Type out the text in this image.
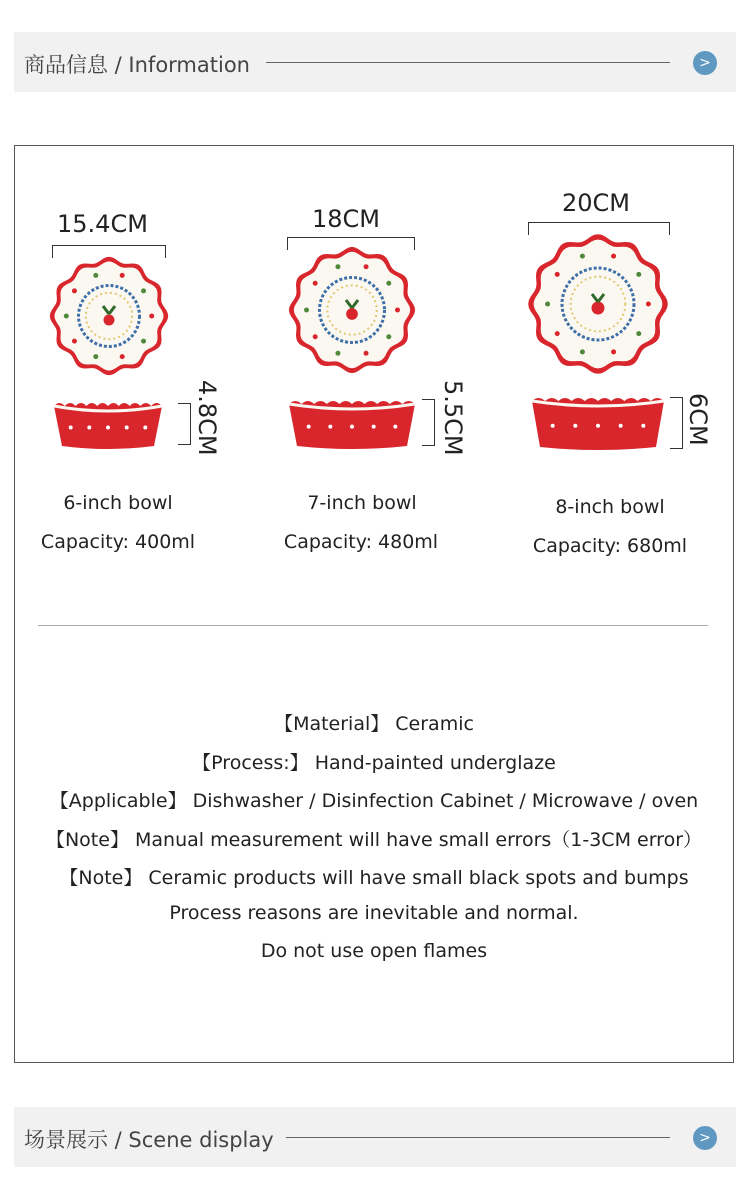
商品信息 / Information	>
15.4CM
4.8CM
6-inch bowl
Capacity: 400ml
18CM
5.5CM
7-inch bowl
Capacity: 480ml
20CM
6CM
8-inch bowl
Capacity: 680ml
【Material】 Ceramic
【Process:】 Hand-painted underglaze
【Applicable】 Dishwasher / Disinfection Cabinet / Microwave / oven
【Note】 Manual measurement will have small errors（1-3CM error）
【Note】 Ceramic products will have small black spots and bumps
Process reasons are inevitable and normal.
Do not use open flames
场景展示 / Scene display	>
